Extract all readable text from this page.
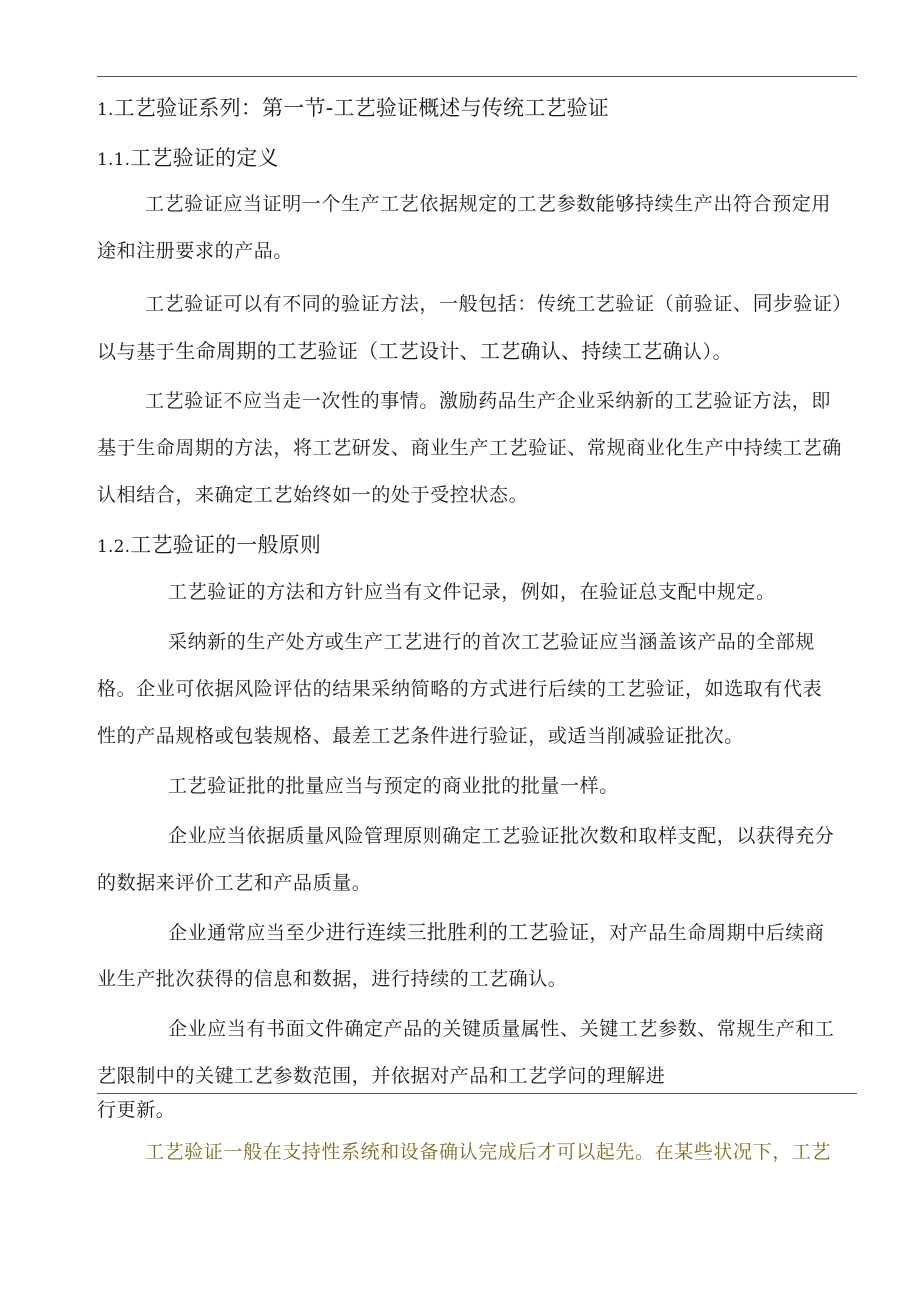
1.工艺验证系列：第一节-工艺验证概述与传统工艺验证
1.1.工艺验证的定义
工艺验证应当证明一个生产工艺依据规定的工艺参数能够持续生产出符合预定用
途和注册要求的产品。
工艺验证可以有不同的验证方法，一般包括：传统工艺验证（前验证、同步验证）
以与基于生命周期的工艺验证（工艺设计、工艺确认、持续工艺确认）。
工艺验证不应当走一次性的事情。激励药品生产企业采纳新的工艺验证方法，即
基于生命周期的方法，将工艺研发、商业生产工艺验证、常规商业化生产中持续工艺确
认相结合，来确定工艺始终如一的处于受控状态。
1.2.工艺验证的一般原则
工艺验证的方法和方针应当有文件记录，例如，在验证总支配中规定。
采纳新的生产处方或生产工艺进行的首次工艺验证应当涵盖该产品的全部规
格。企业可依据风险评估的结果采纳简略的方式进行后续的工艺验证，如选取有代表
性的产品规格或包装规格、最差工艺条件进行验证，或适当削减验证批次。
工艺验证批的批量应当与预定的商业批的批量一样。
企业应当依据质量风险管理原则确定工艺验证批次数和取样支配，以获得充分
的数据来评价工艺和产品质量。
企业通常应当至少进行连续三批胜利的工艺验证，对产品生命周期中后续商
业生产批次获得的信息和数据，进行持续的工艺确认。
企业应当有书面文件确定产品的关键质量属性、关键工艺参数、常规生产和工
艺限制中的关键工艺参数范围，并依据对产品和工艺学问的理解进
行更新。
工艺验证一般在支持性系统和设备确认完成后才可以起先。在某些状况下，工艺
